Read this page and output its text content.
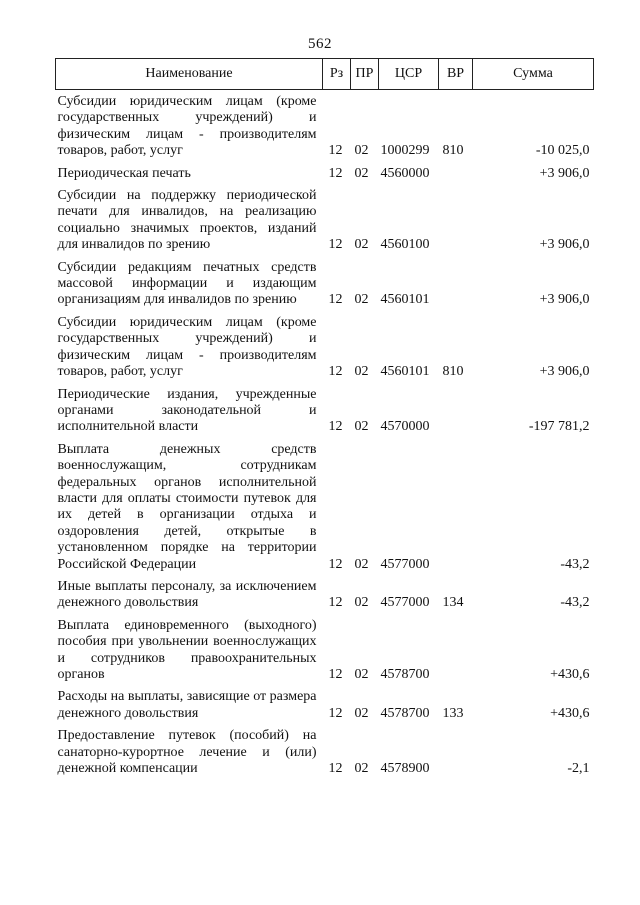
562
Наименование	Рз	ПР	ЦСР	ВР	Сумма
Субсидии юридическим лицам (кроме государственных учреждений) и физическим лицам - производителям товаров, работ, услуг	12	02	1000299	810	-10 025,0
Периодическая печать	12	02	4560000		+3 906,0
Субсидии на поддержку периодической печати для инвалидов, на реализацию социально значимых проектов, изданий для инвалидов по зрению	12	02	4560100		+3 906,0
Субсидии редакциям печатных средств массовой информации и издающим организациям для инвалидов по зрению	12	02	4560101		+3 906,0
Субсидии юридическим лицам (кроме государственных учреждений) и физическим лицам - производителям товаров, работ, услуг	12	02	4560101	810	+3 906,0
Периодические издания, учрежденные органами законодательной и исполнительной власти	12	02	4570000		-197 781,2
Выплата денежных средств военнослужащим, сотрудникам федеральных органов исполнительной власти для оплаты стоимости путевок для их детей в организации отдыха и оздоровления детей, открытые в установленном порядке на территории Российской Федерации	12	02	4577000		-43,2
Иные выплаты персоналу, за исключением денежного довольствия	12	02	4577000	134	-43,2
Выплата единовременного (выходного) пособия при увольнении военнослужащих и сотрудников правоохранительных органов	12	02	4578700		+430,6
Расходы на выплаты, зависящие от размера денежного довольствия	12	02	4578700	133	+430,6
Предоставление путевок (пособий) на санаторно-курортное лечение и (или) денежной компенсации	12	02	4578900		-2,1
